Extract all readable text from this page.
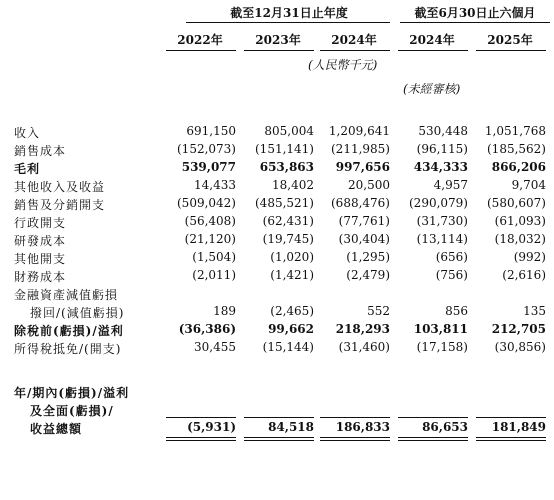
截至12月31日止年度	截至6月30日止六個月
2022年	2023年	2024年	2024年	2025年
(人民幣千元)
(未經審核)
收入	691,150	805,004	1,209,641	530,448	1,051,768
銷售成本	(152,073)	(151,141)	(211,985)	(96,115)	(185,562)
毛利	539,077	653,863	997,656	434,333	866,206
其他收入及收益	14,433	18,402	20,500	4,957	9,704
銷售及分銷開支	(509,042)	(485,521)	(688,476)	(290,079)	(580,607)
行政開支	(56,408)	(62,431)	(77,761)	(31,730)	(61,093)
研發成本	(21,120)	(19,745)	(30,404)	(13,114)	(18,032)
其他開支	(1,504)	(1,020)	(1,295)	(656)	(992)
財務成本	(2,011)	(1,421)	(2,479)	(756)	(2,616)
金融資產減值虧損
撥回/(減值虧損)	189	(2,465)	552	856	135
除稅前(虧損)/溢利	(36,386)	99,662	218,293	103,811	212,705
所得稅抵免/(開支)	30,455	(15,144)	(31,460)	(17,158)	(30,856)
年/期內(虧損)/溢利
及全面(虧損)/
收益總額	(5,931)	84,518	186,833	86,653	181,849
